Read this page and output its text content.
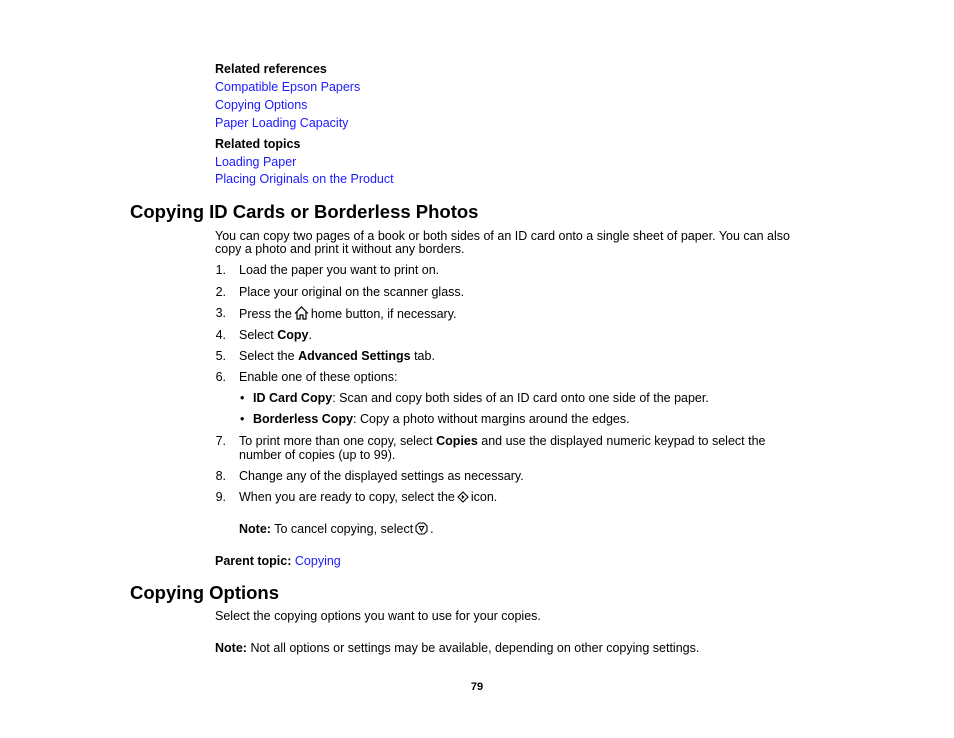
Related references
Compatible Epson Papers
Copying Options
Paper Loading Capacity
Related topics
Loading Paper
Placing Originals on the Product
Copying ID Cards or Borderless Photos
You can copy two pages of a book or both sides of an ID card onto a single sheet of paper. You can also
copy a photo and print it without any borders.
1. Load the paper you want to print on.
2. Place your original on the scanner glass.
3. Press the home button, if necessary.
4. Select Copy.
5. Select the Advanced Settings tab.
6. Enable one of these options:
• ID Card Copy: Scan and copy both sides of an ID card onto one side of the paper.
• Borderless Copy: Copy a photo without margins around the edges.
7. To print more than one copy, select Copies and use the displayed numeric keypad to select the
number of copies (up to 99).
8. Change any of the displayed settings as necessary.
9. When you are ready to copy, select the icon.
Note: To cancel copying, select .
Parent topic: Copying
Copying Options
Select the copying options you want to use for your copies.
Note: Not all options or settings may be available, depending on other copying settings.
79
